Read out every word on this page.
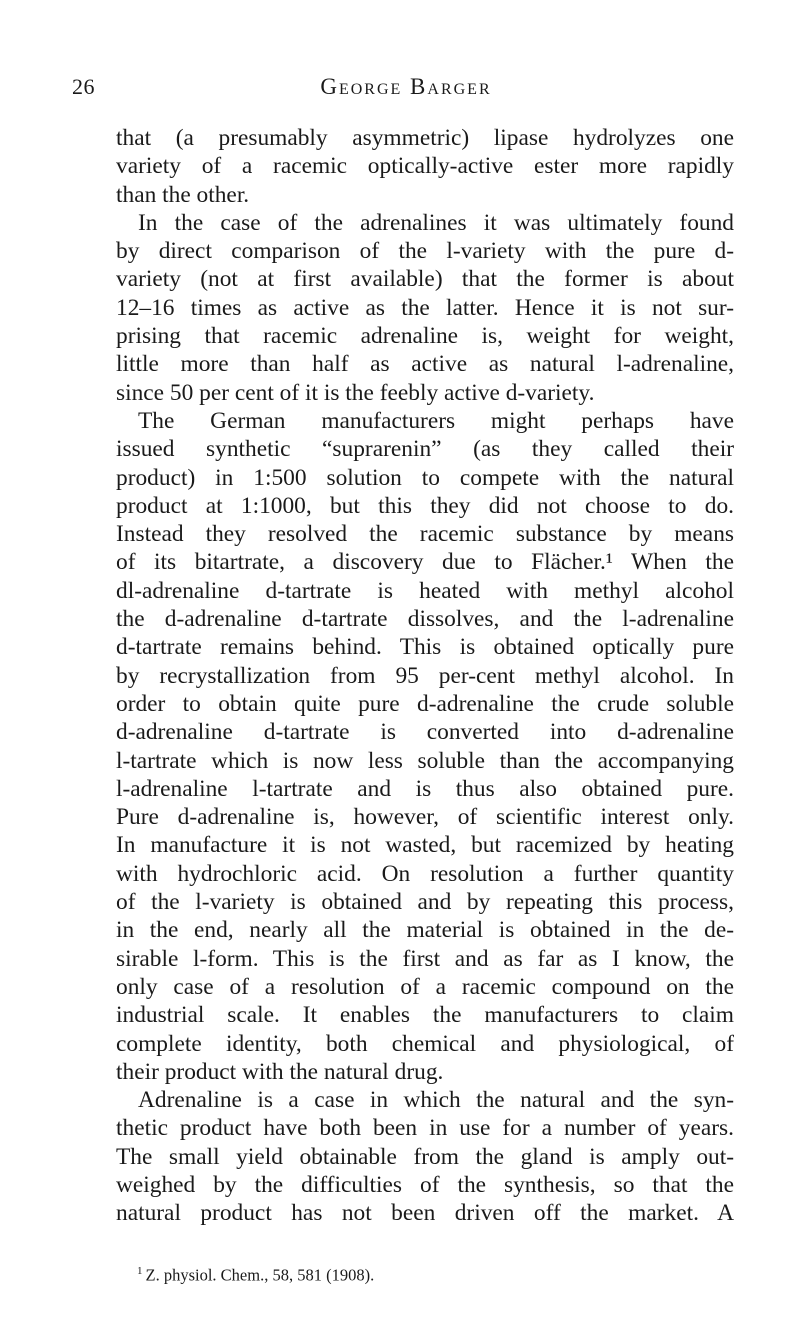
26	George Barger
that (a presumably asymmetric) lipase hydrolyzes one
variety of a racemic optically-active ester more rapidly
than the other.
In the case of the adrenalines it was ultimately found
by direct comparison of the l-variety with the pure d-
variety (not at first available) that the former is about
12–16 times as active as the latter. Hence it is not sur-
prising that racemic adrenaline is, weight for weight,
little more than half as active as natural l-adrenaline,
since 50 per cent of it is the feebly active d-variety.
The German manufacturers might perhaps have
issued synthetic “suprarenin” (as they called their
product) in 1:500 solution to compete with the natural
product at 1:1000, but this they did not choose to do.
Instead they resolved the racemic substance by means
of its bitartrate, a discovery due to Flächer.¹ When the
dl-adrenaline d-tartrate is heated with methyl alcohol
the d-adrenaline d-tartrate dissolves, and the l-adrenaline
d-tartrate remains behind. This is obtained optically pure
by recrystallization from 95 per-cent methyl alcohol. In
order to obtain quite pure d-adrenaline the crude soluble
d-adrenaline d-tartrate is converted into d-adrenaline
l-tartrate which is now less soluble than the accompanying
l-adrenaline l-tartrate and is thus also obtained pure.
Pure d-adrenaline is, however, of scientific interest only.
In manufacture it is not wasted, but racemized by heating
with hydrochloric acid. On resolution a further quantity
of the l-variety is obtained and by repeating this process,
in the end, nearly all the material is obtained in the de-
sirable l-form. This is the first and as far as I know, the
only case of a resolution of a racemic compound on the
industrial scale. It enables the manufacturers to claim
complete identity, both chemical and physiological, of
their product with the natural drug.
Adrenaline is a case in which the natural and the syn-
thetic product have both been in use for a number of years.
The small yield obtainable from the gland is amply out-
weighed by the difficulties of the synthesis, so that the
natural product has not been driven off the market. A
$^1$ Z. physiol. Chem., 58, 581 (1908).
